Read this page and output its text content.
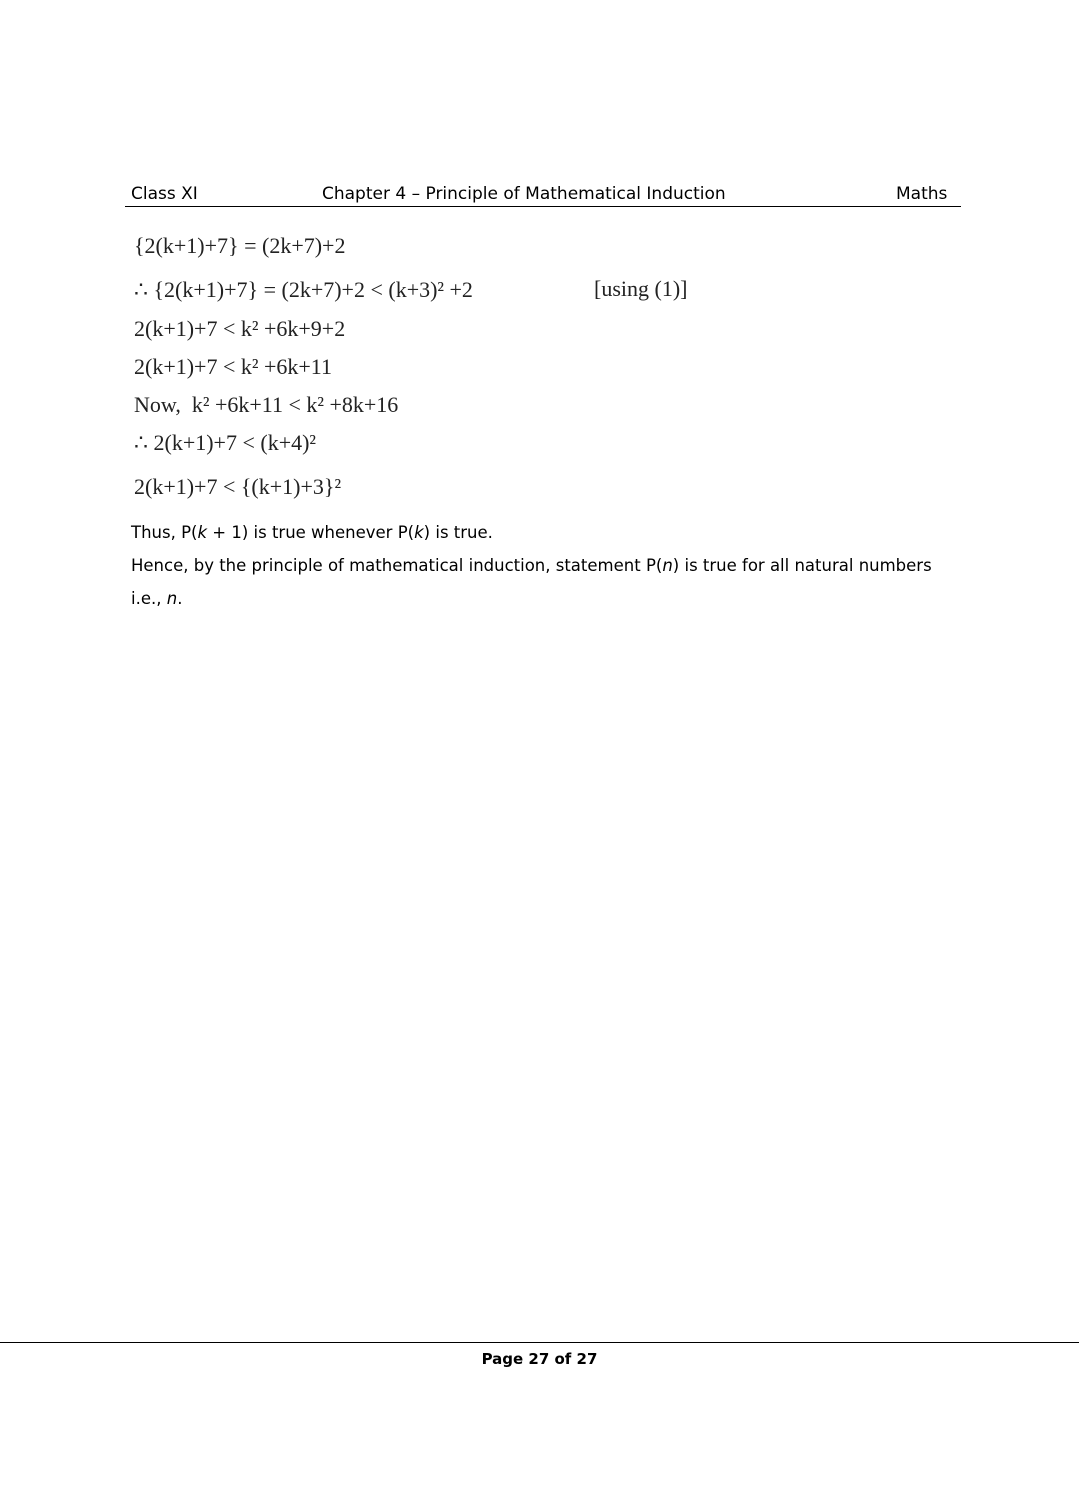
Class XI	Chapter 4 – Principle of Mathematical Induction	Maths
{2(k+1)+7} = (2k+7)+2
∴ {2(k+1)+7} = (2k+7)+2 < (k+3)² +2	[using (1)]
2(k+1)+7 < k² +6k+9+2
2(k+1)+7 < k² +6k+11
Now,  k² +6k+11 < k² +8k+16
∴ 2(k+1)+7 < (k+4)²
2(k+1)+7 < {(k+1)+3}²
Thus, P(k + 1) is true whenever P(k) is true.
Hence, by the principle of mathematical induction, statement P(n) is true for all natural numbers i.e., n.
Page 27 of 27
